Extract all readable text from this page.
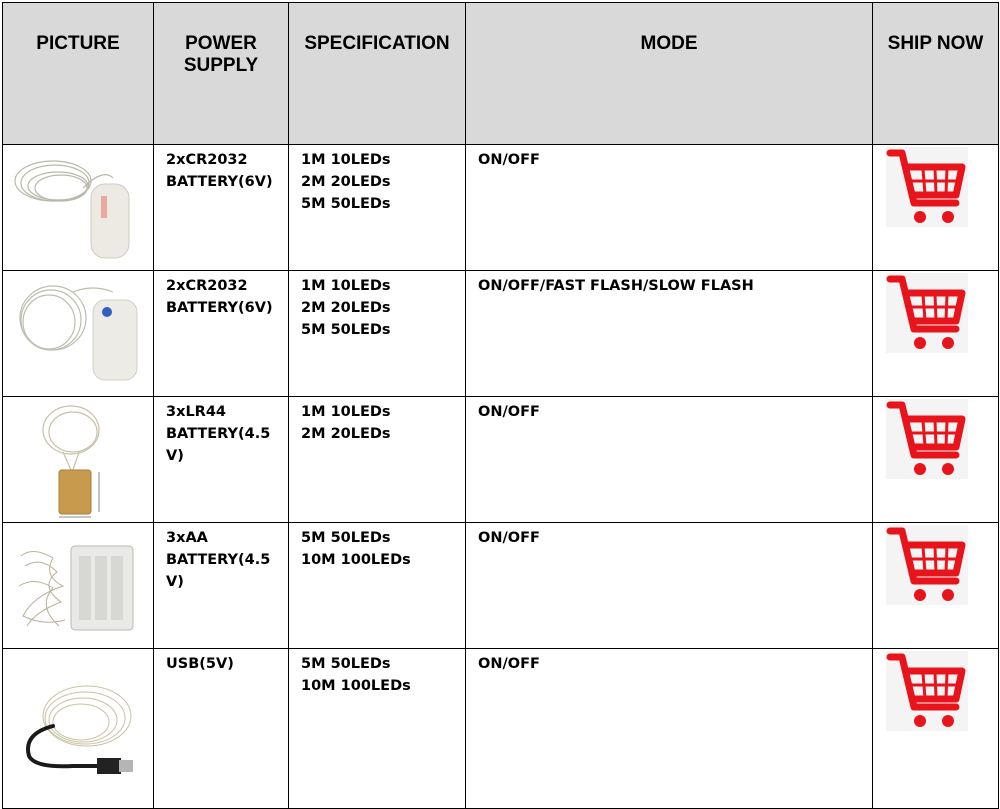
PICTURE	POWER
SUPPLY	SPECIFICATION	MODE	SHIP NOW

2xCR2032
BATTERY(6V)	1M 10LEDs
2M 20LEDs
5M 50LEDs	ON/OFF

2xCR2032
BATTERY(6V)	1M 10LEDs
2M 20LEDs
5M 50LEDs	ON/OFF/FAST FLASH/SLOW FLASH

3xLR44
BATTERY(4.5
V)	1M 10LEDs
2M 20LEDs	ON/OFF

3xAA
BATTERY(4.5
V)	5M 50LEDs
10M 100LEDs	ON/OFF

USB(5V)	5M 50LEDs
10M 100LEDs	ON/OFF
